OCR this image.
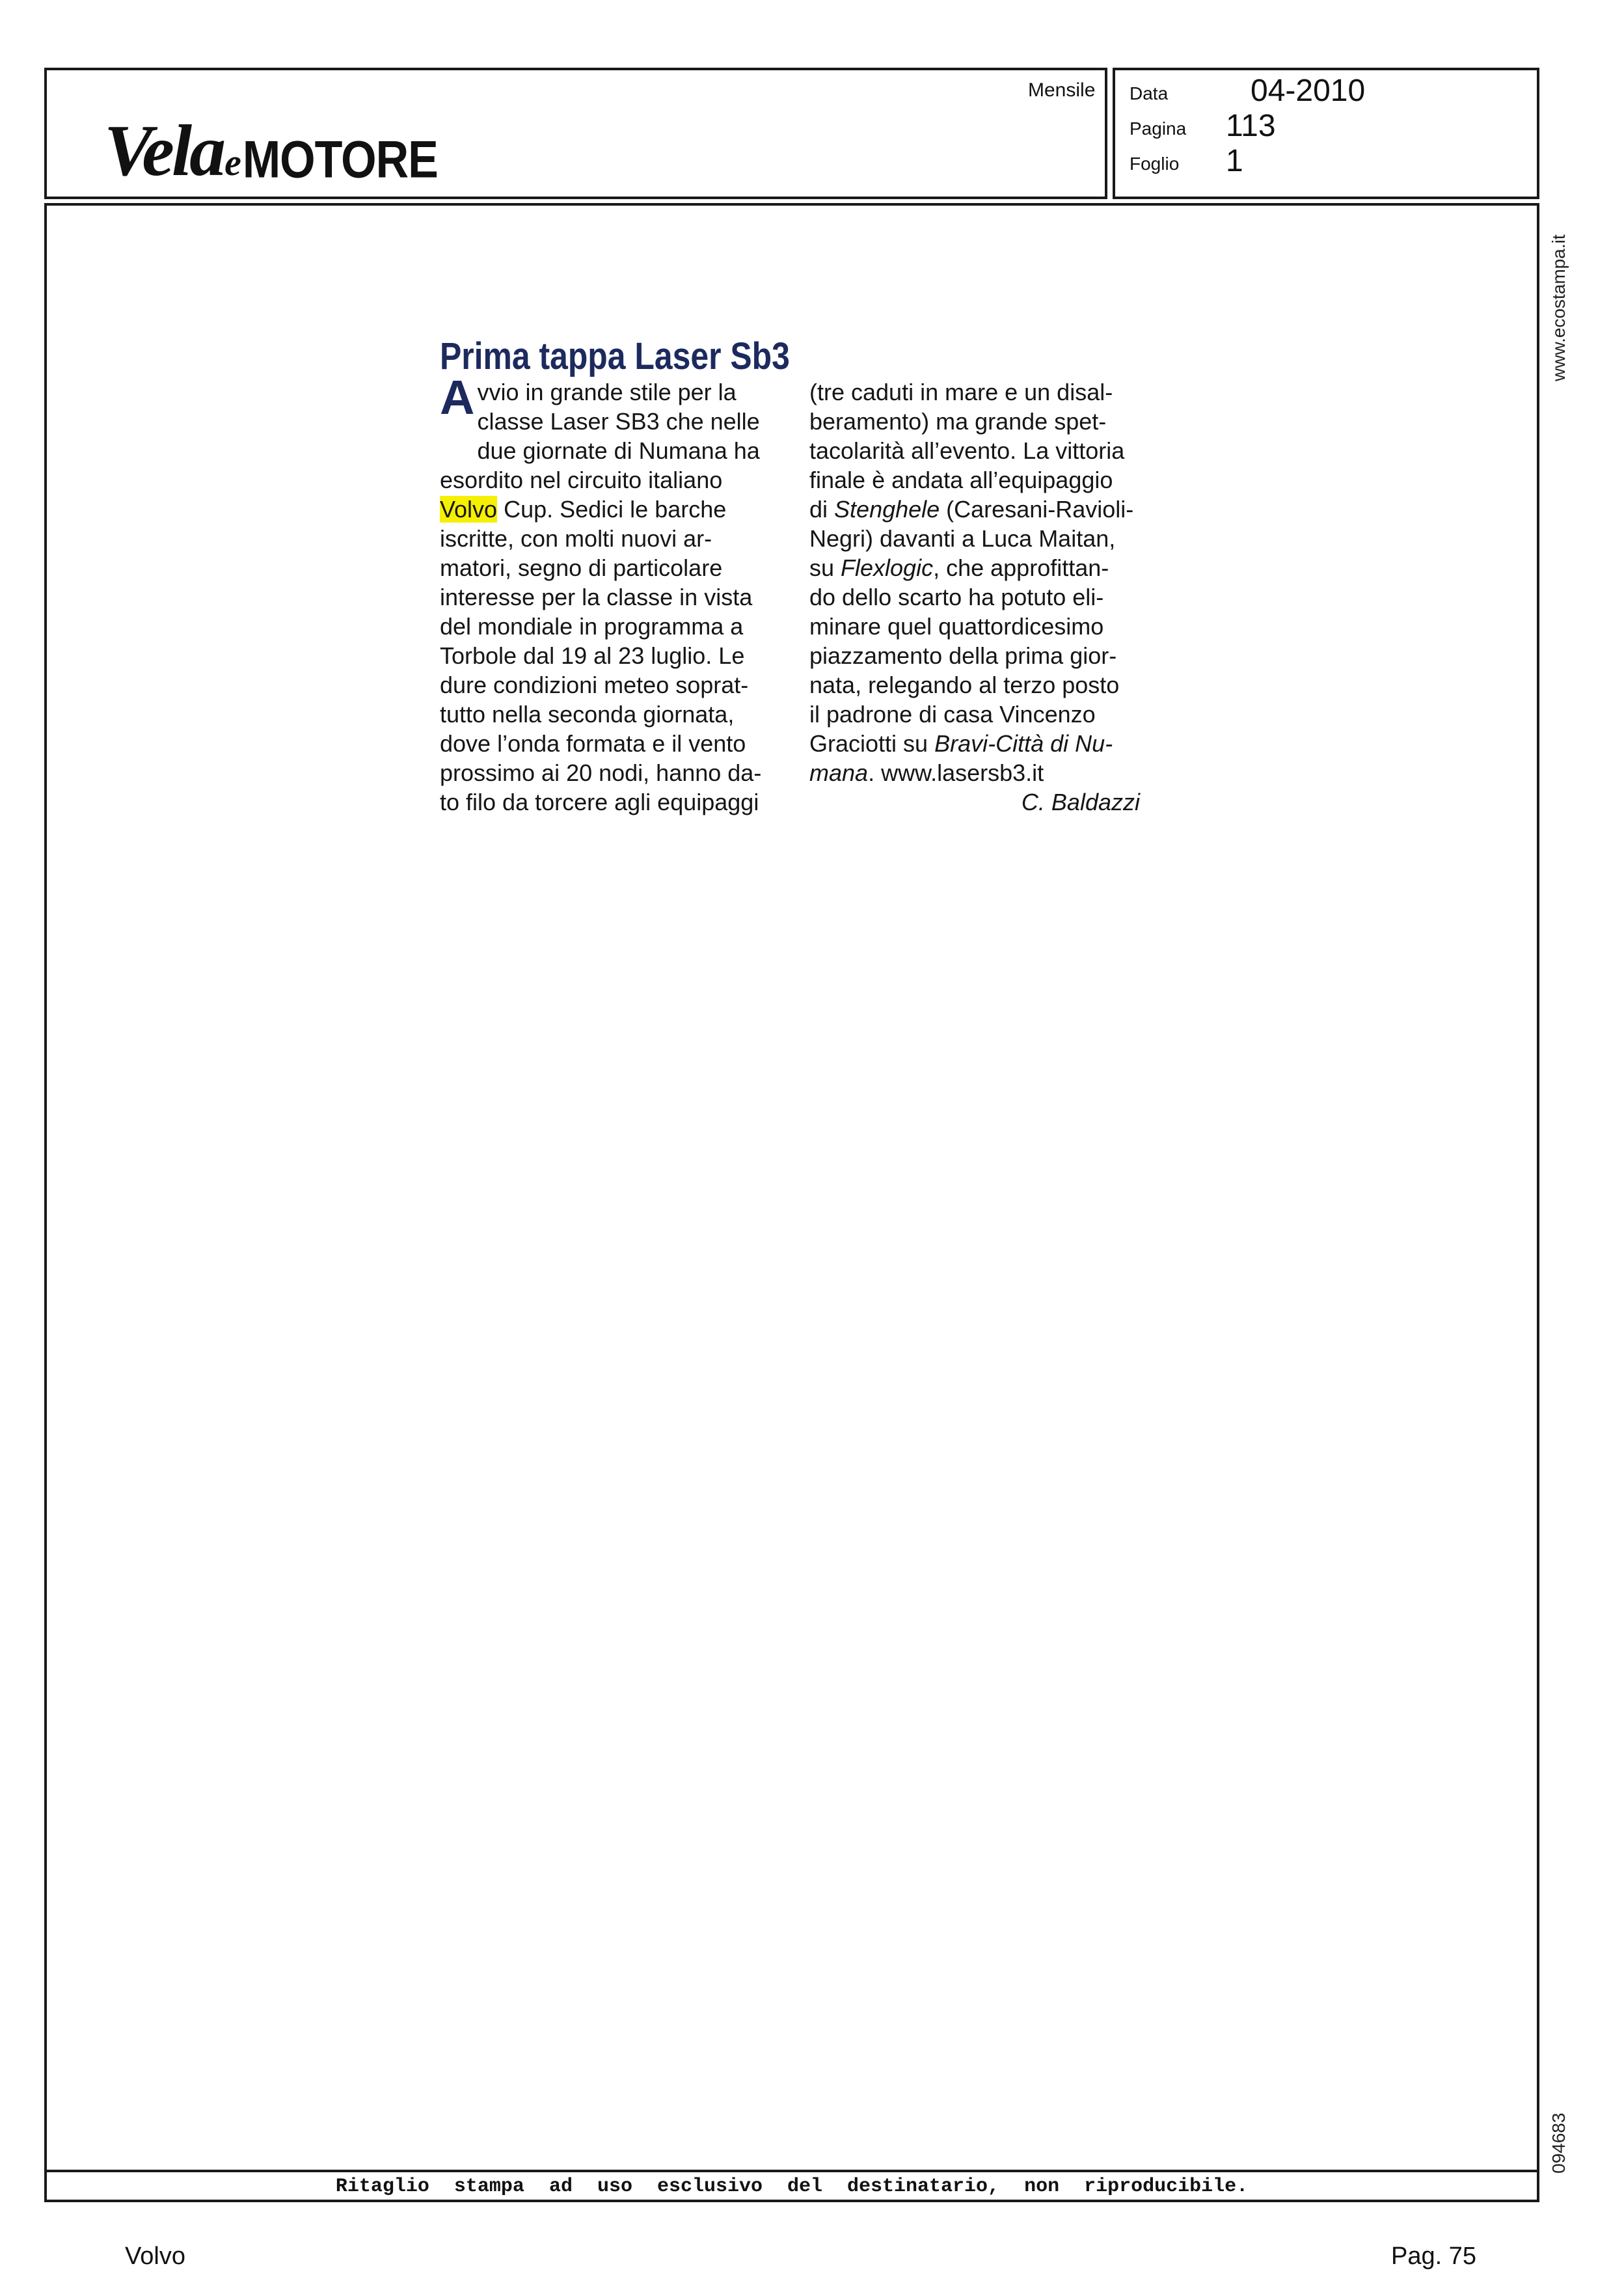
Vela e MOTORE
Mensile Data	04-2010
Pagina 113
Foglio 1
www.ecostampa.it
094683
Prima tappa Laser Sb3
A vvio in grande stile per la
classe Laser SB3 che nelle
due giornate di Numana ha
esordito nel circuito italiano
Volvo Cup. Sedici le barche
iscritte, con molti nuovi ar-
matori, segno di particolare
interesse per la classe in vista
del mondiale in programma a
Torbole dal 19 al 23 luglio. Le
dure condizioni meteo soprat-
tutto nella seconda giornata,
dove l’onda formata e il vento
prossimo ai 20 nodi, hanno da-
to filo da torcere agli equipaggi
(tre caduti in mare e un disal-
beramento) ma grande spet-
tacolarità all’evento. La vittoria
finale è andata all’equipaggio
di Stenghele (Caresani-Ravioli-
Negri) davanti a Luca Maitan,
su Flexlogic, che approfittan-
do dello scarto ha potuto eli-
minare quel quattordicesimo
piazzamento della prima gior-
nata, relegando al terzo posto
il padrone di casa Vincenzo
Graciotti su Bravi-Città di Nu-
mana. www.lasersb3.it
C. Baldazzi
Ritaglio stampa ad uso esclusivo del destinatario, non riproducibile.
Volvo	Pag. 75
